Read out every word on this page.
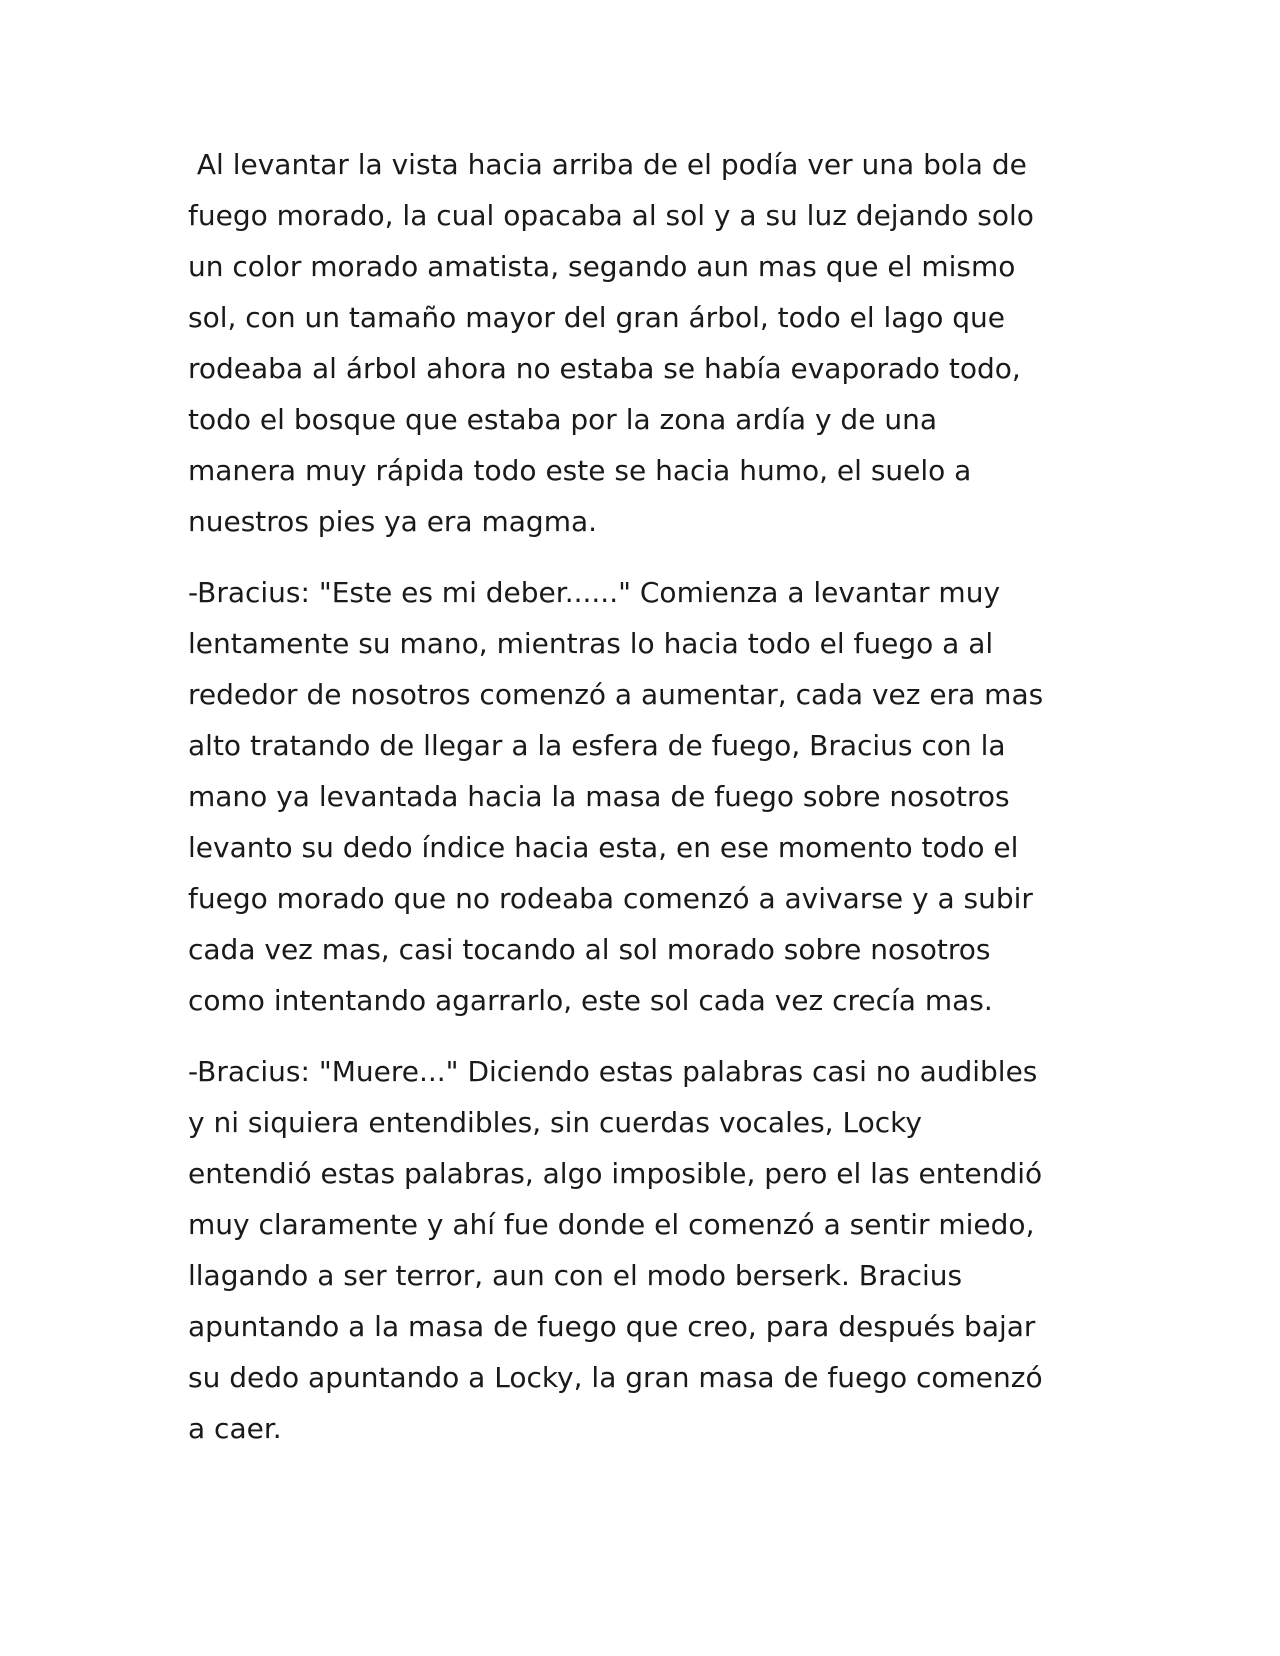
Al levantar la vista hacia arriba de el podía ver una bola de
fuego morado, la cual opacaba al sol y a su luz dejando solo
un color morado amatista, segando aun mas que el mismo
sol, con un tamaño mayor del gran árbol, todo el lago que
rodeaba al árbol ahora no estaba se había evaporado todo,
todo el bosque que estaba por la zona ardía y de una
manera muy rápida todo este se hacia humo, el suelo a
nuestros pies ya era magma.
-Bracius: "Este es mi deber......" Comienza a levantar muy
lentamente su mano, mientras lo hacia todo el fuego a al
rededor de nosotros comenzó a aumentar, cada vez era mas
alto tratando de llegar a la esfera de fuego, Bracius con la
mano ya levantada hacia la masa de fuego sobre nosotros
levanto su dedo índice hacia esta, en ese momento todo el
fuego morado que no rodeaba comenzó a avivarse y a subir
cada vez mas, casi tocando al sol morado sobre nosotros
como intentando agarrarlo, este sol cada vez crecía mas.
-Bracius: "Muere..." Diciendo estas palabras casi no audibles
y ni siquiera entendibles, sin cuerdas vocales, Locky
entendió estas palabras, algo imposible, pero el las entendió
muy claramente y ahí fue donde el comenzó a sentir miedo,
llagando a ser terror, aun con el modo berserk. Bracius
apuntando a la masa de fuego que creo, para después bajar
su dedo apuntando a Locky, la gran masa de fuego comenzó
a caer.
